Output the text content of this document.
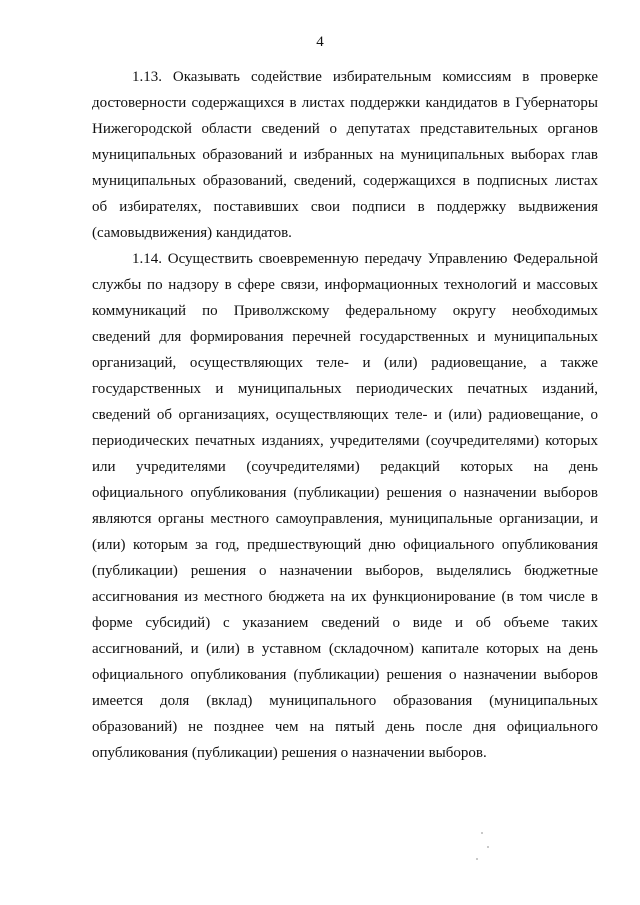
4

1.13. Оказывать содействие избирательным комиссиям в проверке
достоверности содержащихся в листах поддержки кандидатов в Губернаторы
Нижегородской области сведений о депутатах представительных органов
муниципальных образований и избранных на муниципальных выборах глав
муниципальных образований, сведений, содержащихся в подписных листах
об избирателях, поставивших свои подписи в поддержку выдвижения
(самовыдвижения) кандидатов.

1.14. Осуществить своевременную передачу Управлению Федеральной
службы по надзору в сфере связи, информационных технологий и массовых
коммуникаций по Приволжскому федеральному округу необходимых
сведений для формирования перечней государственных и муниципальных
организаций, осуществляющих теле- и (или) радиовещание, а также
государственных и муниципальных периодических печатных изданий,
сведений об организациях, осуществляющих теле- и (или) радиовещание, о
периодических печатных изданиях, учредителями (соучредителями) которых
или учредителями (соучредителями) редакций которых на день
официального опубликования (публикации) решения о назначении выборов
являются органы местного самоуправления, муниципальные организации, и
(или) которым за год, предшествующий дню официального опубликования
(публикации) решения о назначении выборов, выделялись бюджетные
ассигнования из местного бюджета на их функционирование (в том числе в
форме субсидий) с указанием сведений о виде и об объеме таких
ассигнований, и (или) в уставном (складочном) капитале которых на день
официального опубликования (публикации) решения о назначении выборов
имеется доля (вклад) муниципального образования (муниципальных
образований) не позднее чем на пятый день после дня официального
опубликования (публикации) решения о назначении выборов.
